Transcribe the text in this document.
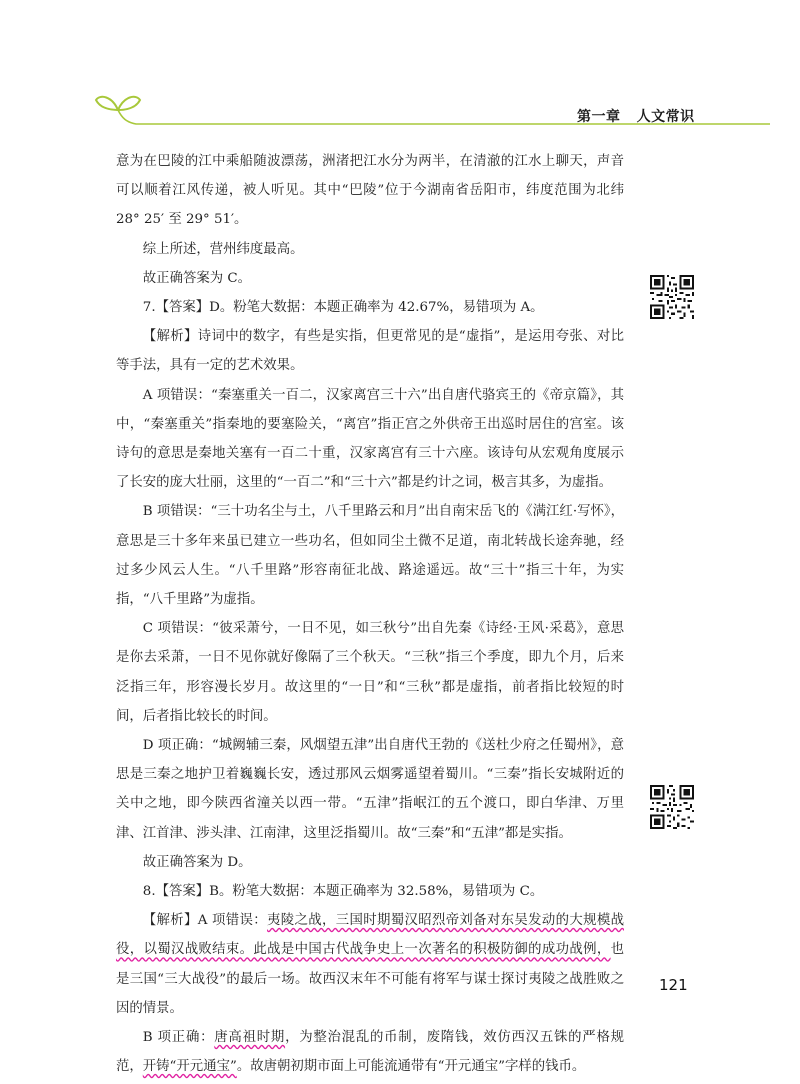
第一章 人文常识

意为在巴陵的江中乘船随波漂荡，洲渚把江水分为两半，在清澈的江水上聊天，声音可以顺着江风传递，被人听见。其中“巴陵”位于今湖南省岳阳市，纬度范围为北纬 28° 25′ 至 29° 51′。

综上所述，营州纬度最高。

故正确答案为 C。

7.【答案】D。粉笔大数据：本题正确率为 42.67%，易错项为 A。

【解析】诗词中的数字，有些是实指，但更常见的是“虚指”，是运用夸张、对比等手法，具有一定的艺术效果。

A 项错误：“秦塞重关一百二，汉家离宫三十六”出自唐代骆宾王的《帝京篇》，其中，“秦塞重关”指秦地的要塞险关，“离宫”指正宫之外供帝王出巡时居住的宫室。该诗句的意思是秦地关塞有一百二十重，汉家离宫有三十六座。该诗句从宏观角度展示了长安的庞大壮丽，这里的“一百二”和“三十六”都是约计之词，极言其多，为虚指。

B 项错误：“三十功名尘与土，八千里路云和月”出自南宋岳飞的《满江红·写怀》，意思是三十多年来虽已建立一些功名，但如同尘土微不足道，南北转战长途奔驰，经过多少风云人生。“八千里路”形容南征北战、路途遥远。故“三十”指三十年，为实指，“八千里路”为虚指。

C 项错误：“彼采萧兮，一日不见，如三秋兮”出自先秦《诗经·王风·采葛》，意思是你去采萧，一日不见你就好像隔了三个秋天。“三秋”指三个季度，即九个月，后来泛指三年，形容漫长岁月。故这里的“一日”和“三秋”都是虚指，前者指比较短的时间，后者指比较长的时间。

D 项正确：“城阙辅三秦，风烟望五津”出自唐代王勃的《送杜少府之任蜀州》，意思是三秦之地护卫着巍巍长安，透过那风云烟雾遥望着蜀川。“三秦”指长安城附近的关中之地，即今陕西省潼关以西一带。“五津”指岷江的五个渡口，即白华津、万里津、江首津、涉头津、江南津，这里泛指蜀川。故“三秦”和“五津”都是实指。

故正确答案为 D。

8.【答案】B。粉笔大数据：本题正确率为 32.58%，易错项为 C。

【解析】A 项错误：夷陵之战，三国时期蜀汉昭烈帝刘备对东吴发动的大规模战役，以蜀汉战败结束。此战是中国古代战争史上一次著名的积极防御的成功战例，也是三国“三大战役”的最后一场。故西汉末年不可能有将军与谋士探讨夷陵之战胜败之因的情景。

B 项正确：唐高祖时期，为整治混乱的币制，废隋钱，效仿西汉五铢的严格规范，开铸“开元通宝”。故唐朝初期市面上可能流通带有“开元通宝”字样的钱币。

121
